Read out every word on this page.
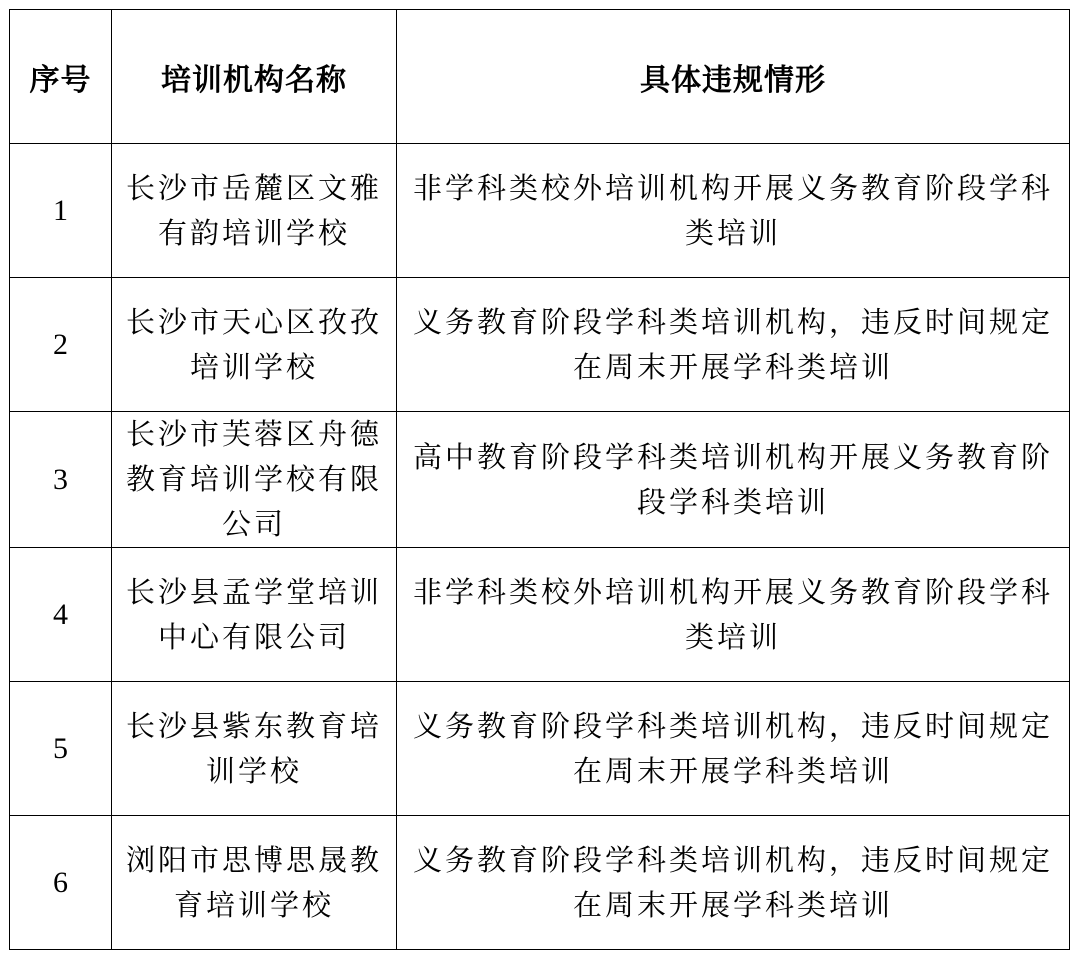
序号	培训机构名称	具体违规情形
1	长沙市岳麓区文雅有韵培训学校	非学科类校外培训机构开展义务教育阶段学科类培训
2	长沙市天心区孜孜培训学校	义务教育阶段学科类培训机构，违反时间规定在周末开展学科类培训
3	长沙市芙蓉区舟德教育培训学校有限公司	高中教育阶段学科类培训机构开展义务教育阶段学科类培训
4	长沙县孟学堂培训中心有限公司	非学科类校外培训机构开展义务教育阶段学科类培训
5	长沙县紫东教育培训学校	义务教育阶段学科类培训机构，违反时间规定在周末开展学科类培训
6	浏阳市思博思晟教育培训学校	义务教育阶段学科类培训机构，违反时间规定在周末开展学科类培训
